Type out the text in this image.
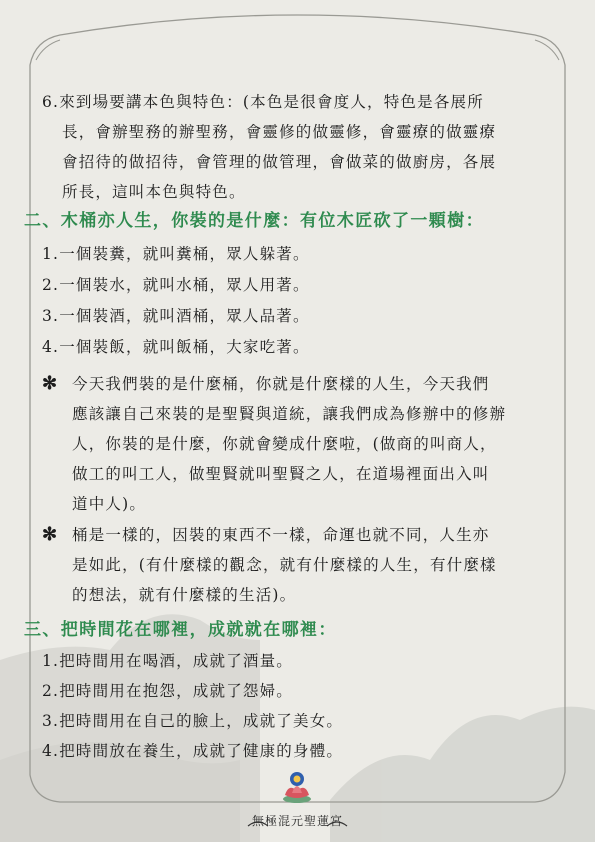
6.來到場要講本色與特色：(本色是很會度人，特色是各展所
長，會辦聖務的辦聖務，會靈修的做靈修，會靈療的做靈療
會招待的做招待，會管理的做管理，會做菜的做廚房，各展
所長，這叫本色與特色。
二、木桶亦人生，你裝的是什麼：有位木匠砍了一顆樹：
1.一個裝糞，就叫糞桶，眾人躲著。
2.一個裝水，就叫水桶，眾人用著。
3.一個裝酒，就叫酒桶，眾人品著。
4.一個裝飯，就叫飯桶，大家吃著。
✻ 今天我們裝的是什麼桶，你就是什麼樣的人生，今天我們
應該讓自己來裝的是聖賢與道統，讓我們成為修辦中的修辦
人，你裝的是什麼，你就會變成什麼啦，(做商的叫商人，
做工的叫工人，做聖賢就叫聖賢之人，在道場裡面出入叫
道中人)。
✻ 桶是一樣的，因裝的東西不一樣，命運也就不同，人生亦
是如此，(有什麼樣的觀念，就有什麼樣的人生，有什麼樣
的想法，就有什麼樣的生活)。
三、把時間花在哪裡，成就就在哪裡：
1.把時間用在喝酒，成就了酒量。
2.把時間用在抱怨，成就了怨婦。
3.把時間用在自己的臉上，成就了美女。
4.把時間放在養生，成就了健康的身體。
無極混元聖蓮宮
